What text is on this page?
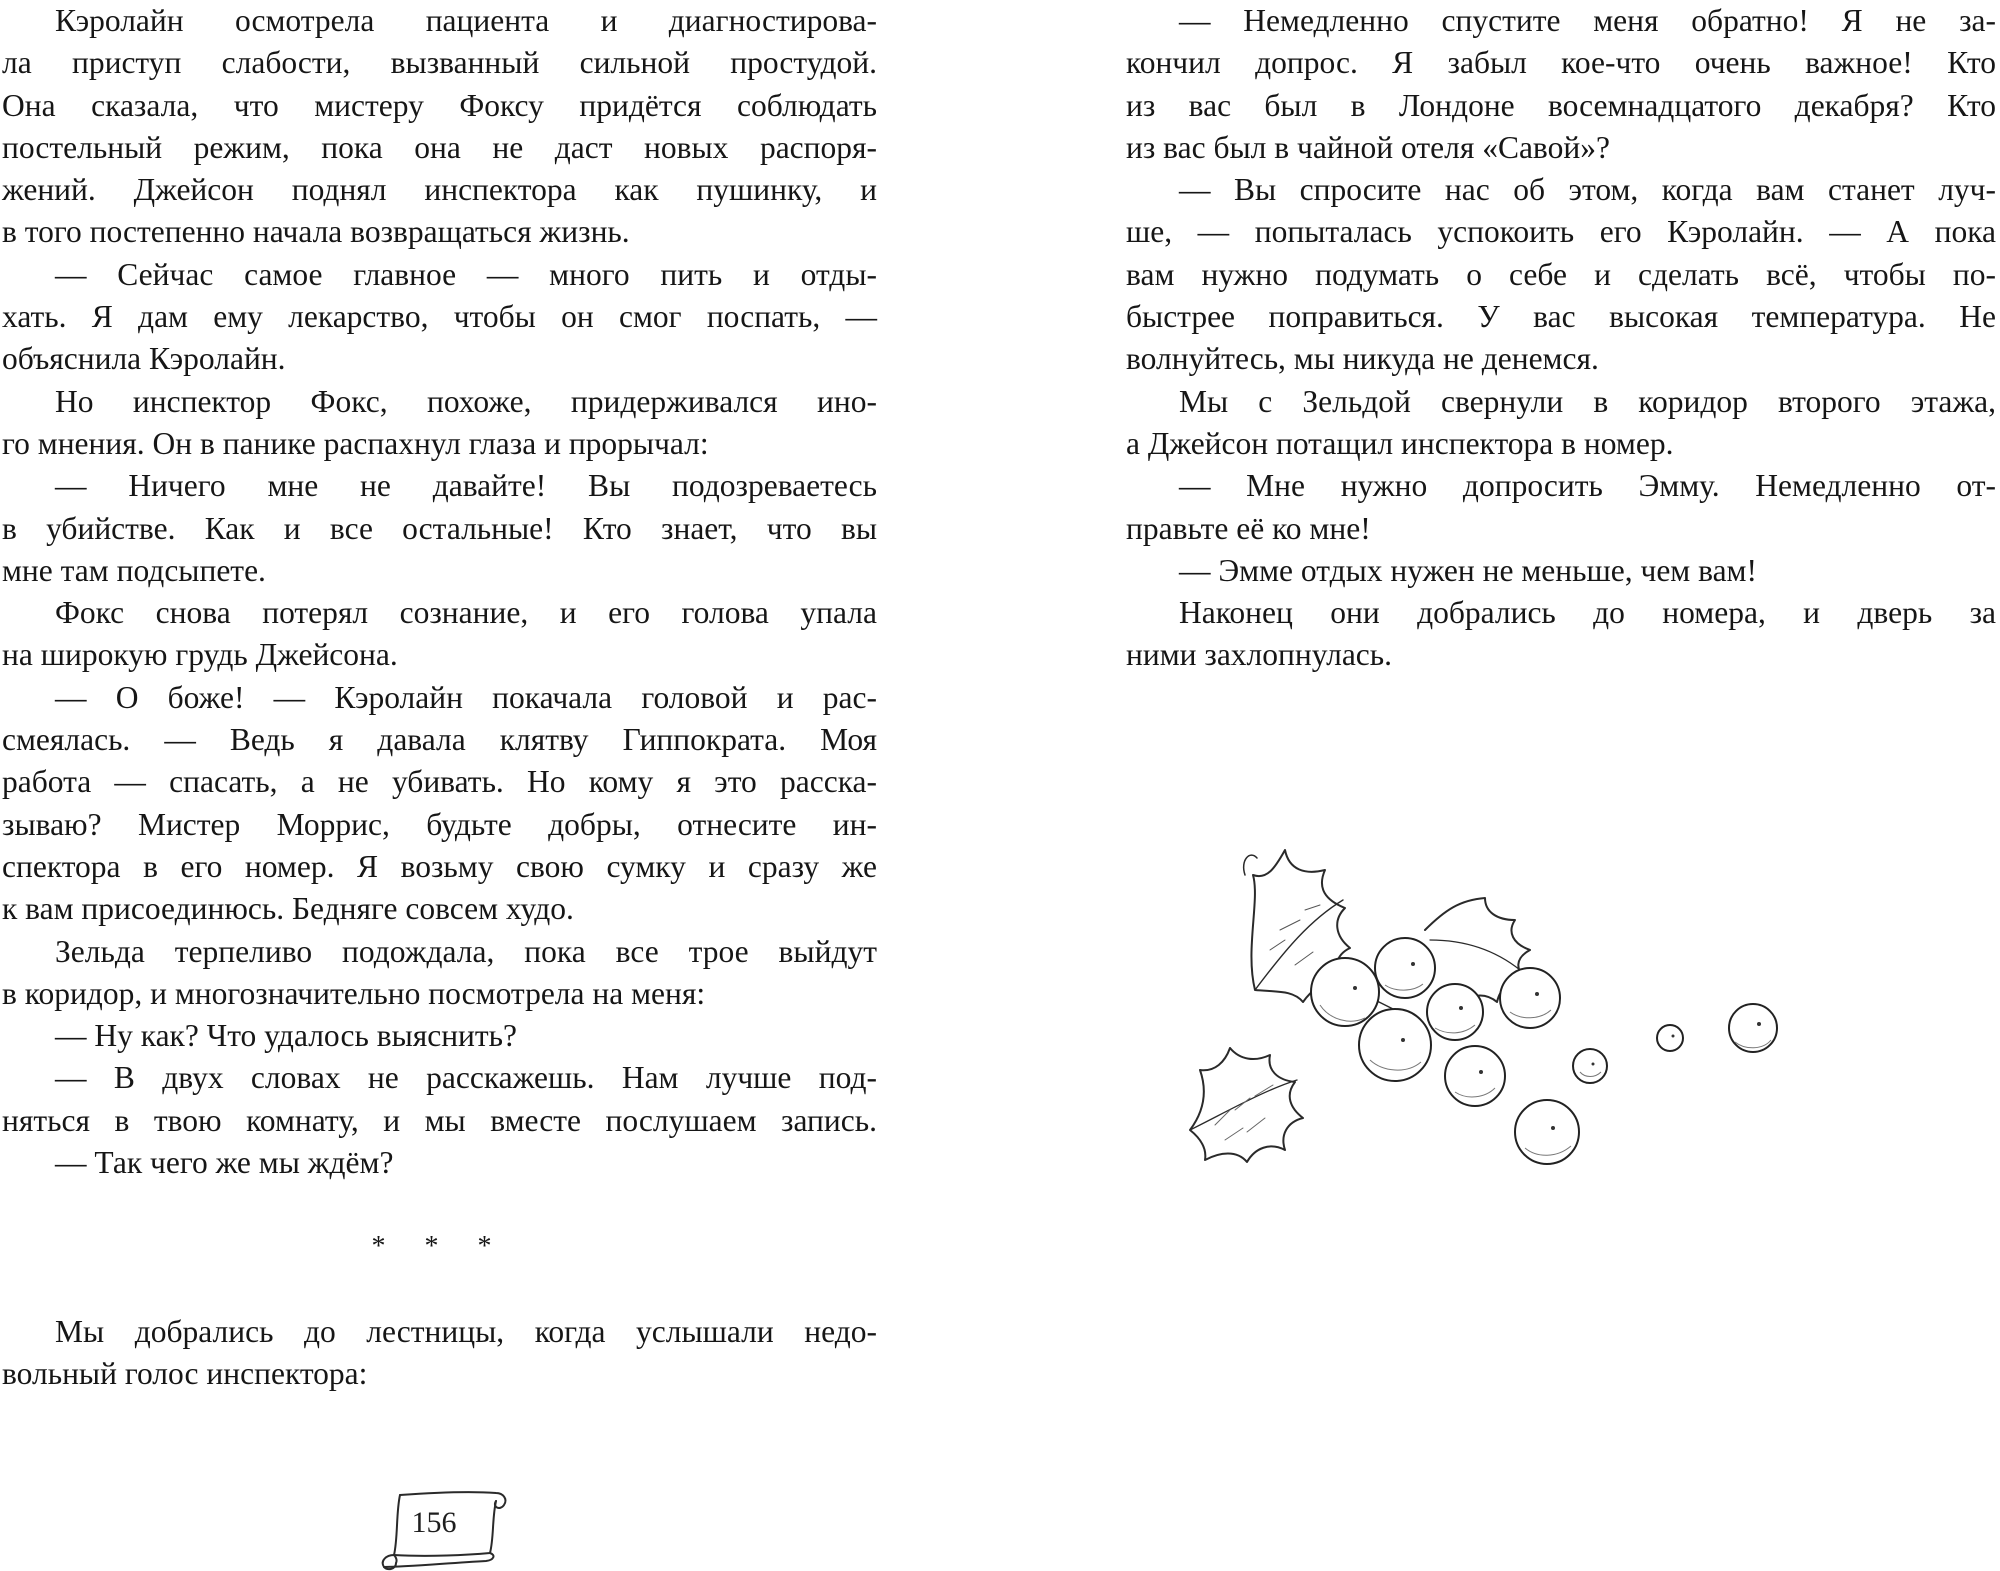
Кэролайн осмотрела пациента и диагностирова-
ла приступ слабости, вызванный сильной простудой.
Она сказала, что мистеру Фоксу придётся соблюдать
постельный режим, пока она не даст новых распоря-
жений. Джейсон поднял инспектора как пушинку, и
в того постепенно начала возвращаться жизнь.
— Сейчас самое главное — много пить и отды-
хать. Я дам ему лекарство, чтобы он смог поспать, —
объяснила Кэролайн.
Но инспектор Фокс, похоже, придерживался ино-
го мнения. Он в панике распахнул глаза и прорычал:
— Ничего мне не давайте! Вы подозреваетесь
в убийстве. Как и все остальные! Кто знает, что вы
мне там подсыпете.
Фокс снова потерял сознание, и его голова упала
на широкую грудь Джейсона.
— О боже! — Кэролайн покачала головой и рас-
смеялась. — Ведь я давала клятву Гиппократа. Моя
работа — спасать, а не убивать. Но кому я это расска-
зываю? Мистер Моррис, будьте добры, отнесите ин-
спектора в его номер. Я возьму свою сумку и сразу же
к вам присоединюсь. Бедняге совсем худо.
Зельда терпеливо подождала, пока все трое выйдут
в коридор, и многозначительно посмотрела на меня:
— Ну как? Что удалось выяснить?
— В двух словах не расскажешь. Нам лучше под-
няться в твою комнату, и мы вместе послушаем запись.
— Так чего же мы ждём?
* * *
Мы добрались до лестницы, когда услышали недо-
вольный голос инспектора:
— Немедленно спустите меня обратно! Я не за-
кончил допрос. Я забыл кое-что очень важное! Кто
из вас был в Лондоне восемнадцатого декабря? Кто
из вас был в чайной отеля «Савой»?
— Вы спросите нас об этом, когда вам станет луч-
ше, — попыталась успокоить его Кэролайн. — А пока
вам нужно подумать о себе и сделать всё, чтобы по-
быстрее поправиться. У вас высокая температура. Не
волнуйтесь, мы никуда не денемся.
Мы с Зельдой свернули в коридор второго этажа,
а Джейсон потащил инспектора в номер.
— Мне нужно допросить Эмму. Немедленно от-
правьте её ко мне!
— Эмме отдых нужен не меньше, чем вам!
Наконец они добрались до номера, и дверь за
ними захлопнулась.
156
